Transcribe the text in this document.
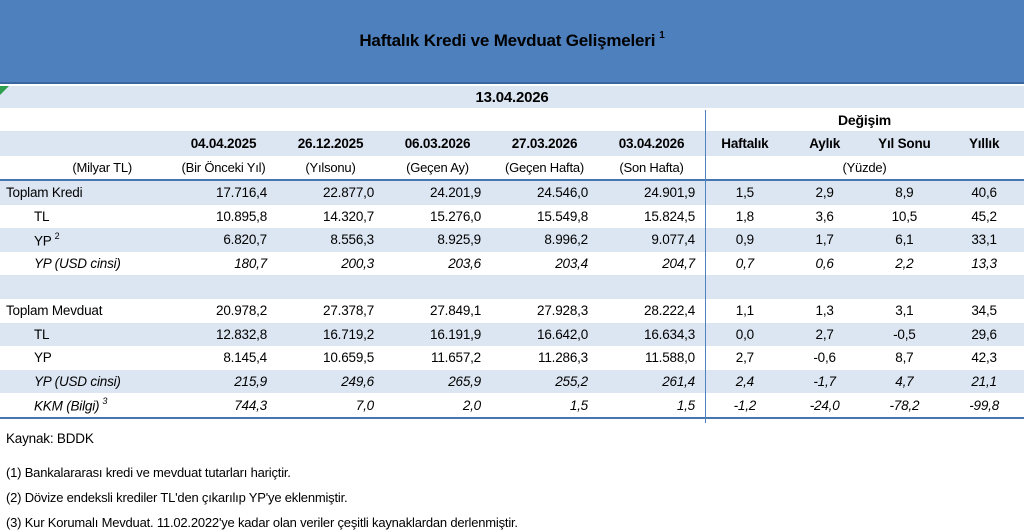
Haftalık Kredi ve Mevduat Gelişmeleri $^1$
13.04.2026
Değişim
04.04.2025	26.12.2025	06.03.2026	27.03.2026	03.04.2026	Haftalık	Aylık	Yıl Sonu	Yıllık
(Milyar TL)	(Bir Önceki Yıl)	(Yılsonu)	(Geçen Ay)	(Geçen Hafta)	(Son Hafta)	(Yüzde)
Toplam Kredi	17.716,4	22.877,0	24.201,9	24.546,0	24.901,9	1,5	2,9	8,9	40,6
TL	10.895,8	14.320,7	15.276,0	15.549,8	15.824,5	1,8	3,6	10,5	45,2
YP $^2$	6.820,7	8.556,3	8.925,9	8.996,2	9.077,4	0,9	1,7	6,1	33,1
YP (USD cinsi)	180,7	200,3	203,6	203,4	204,7	0,7	0,6	2,2	13,3
Toplam Mevduat	20.978,2	27.378,7	27.849,1	27.928,3	28.222,4	1,1	1,3	3,1	34,5
TL	12.832,8	16.719,2	16.191,9	16.642,0	16.634,3	0,0	2,7	-0,5	29,6
YP	8.145,4	10.659,5	11.657,2	11.286,3	11.588,0	2,7	-0,6	8,7	42,3
YP (USD cinsi)	215,9	249,6	265,9	255,2	261,4	2,4	-1,7	4,7	21,1
KKM (Bilgi) $^3$	744,3	7,0	2,0	1,5	1,5	-1,2	-24,0	-78,2	-99,8
Kaynak: BDDK
(1) Bankalararası kredi ve mevduat tutarları hariçtir.
(2) Dövize endeksli krediler TL'den çıkarılıp YP'ye eklenmiştir.
(3) Kur Korumalı Mevduat. 11.02.2022'ye kadar olan veriler çeşitli kaynaklardan derlenmiştir.
